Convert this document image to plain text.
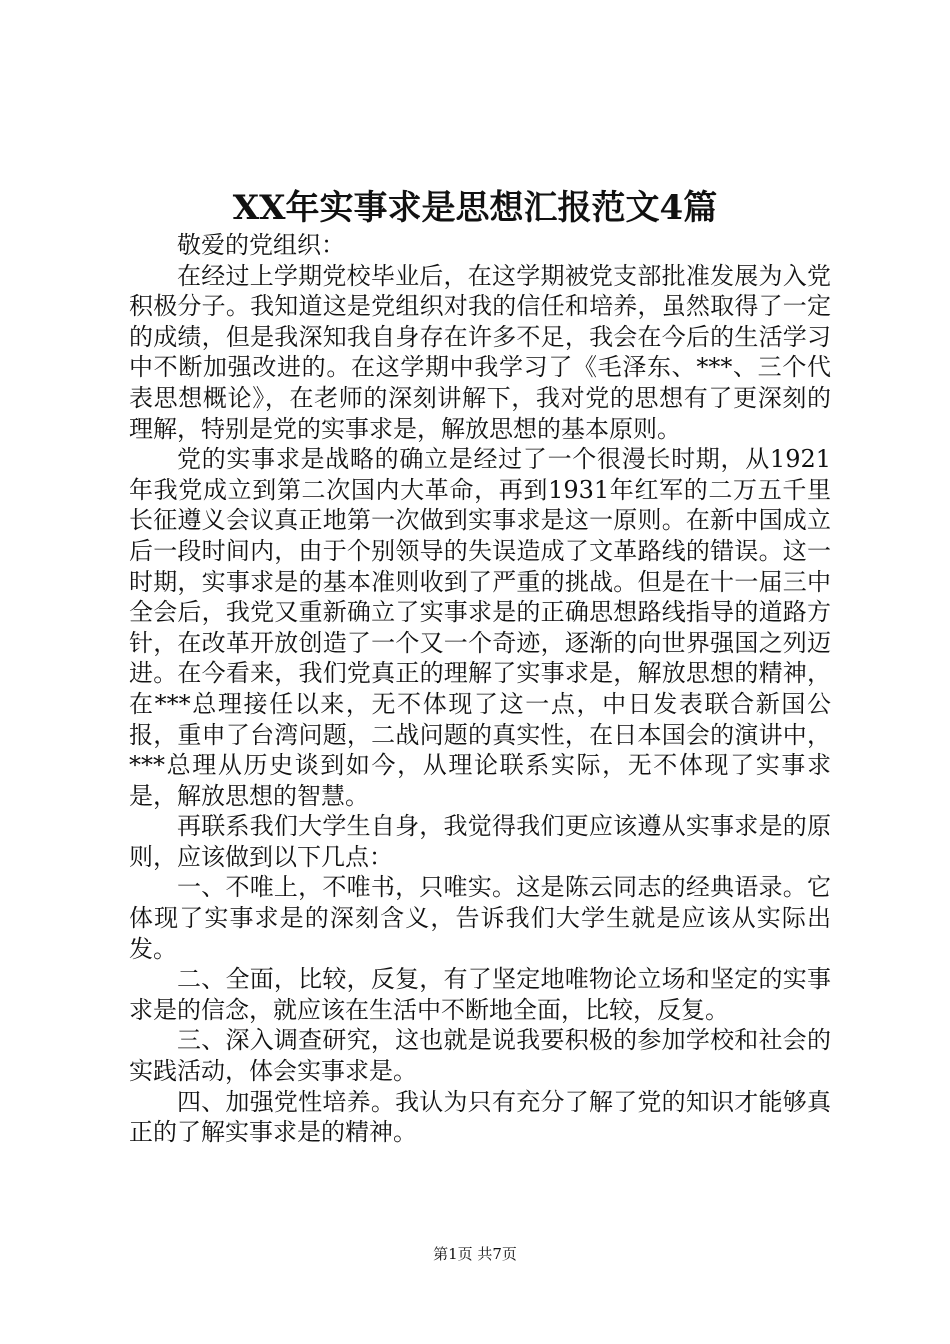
XX年实事求是思想汇报范文4篇

敬爱的党组织：

在经过上学期党校毕业后，在这学期被党支部批准发展为入党积极分子。我知道这是党组织对我的信任和培养，虽然取得了一定的成绩，但是我深知我自身存在许多不足，我会在今后的生活学习中不断加强改进的。在这学期中我学习了《毛泽东、***、三个代表思想概论》，在老师的深刻讲解下，我对党的思想有了更深刻的理解，特别是党的实事求是，解放思想的基本原则。

党的实事求是战略的确立是经过了一个很漫长时期，从1921年我党成立到第二次国内大革命，再到1931年红军的二万五千里长征遵义会议真正地第一次做到实事求是这一原则。在新中国成立后一段时间内，由于个别领导的失误造成了文革路线的错误。这一时期，实事求是的基本准则收到了严重的挑战。但是在十一届三中全会后，我党又重新确立了实事求是的正确思想路线指导的道路方针，在改革开放创造了一个又一个奇迹，逐渐的向世界强国之列迈进。在今看来，我们党真正的理解了实事求是，解放思想的精神，在***总理接任以来，无不体现了这一点，中日发表联合新国公报，重申了台湾问题，二战问题的真实性，在日本国会的演讲中，***总理从历史谈到如今，从理论联系实际，无不体现了实事求是，解放思想的智慧。

再联系我们大学生自身，我觉得我们更应该遵从实事求是的原则，应该做到以下几点：

一、不唯上，不唯书，只唯实。这是陈云同志的经典语录。它体现了实事求是的深刻含义，告诉我们大学生就是应该从实际出发。

二、全面，比较，反复，有了坚定地唯物论立场和坚定的实事求是的信念，就应该在生活中不断地全面，比较，反复。

三、深入调查研究，这也就是说我要积极的参加学校和社会的实践活动，体会实事求是。

四、加强党性培养。我认为只有充分了解了党的知识才能够真正的了解实事求是的精神。

第1页 共7页
